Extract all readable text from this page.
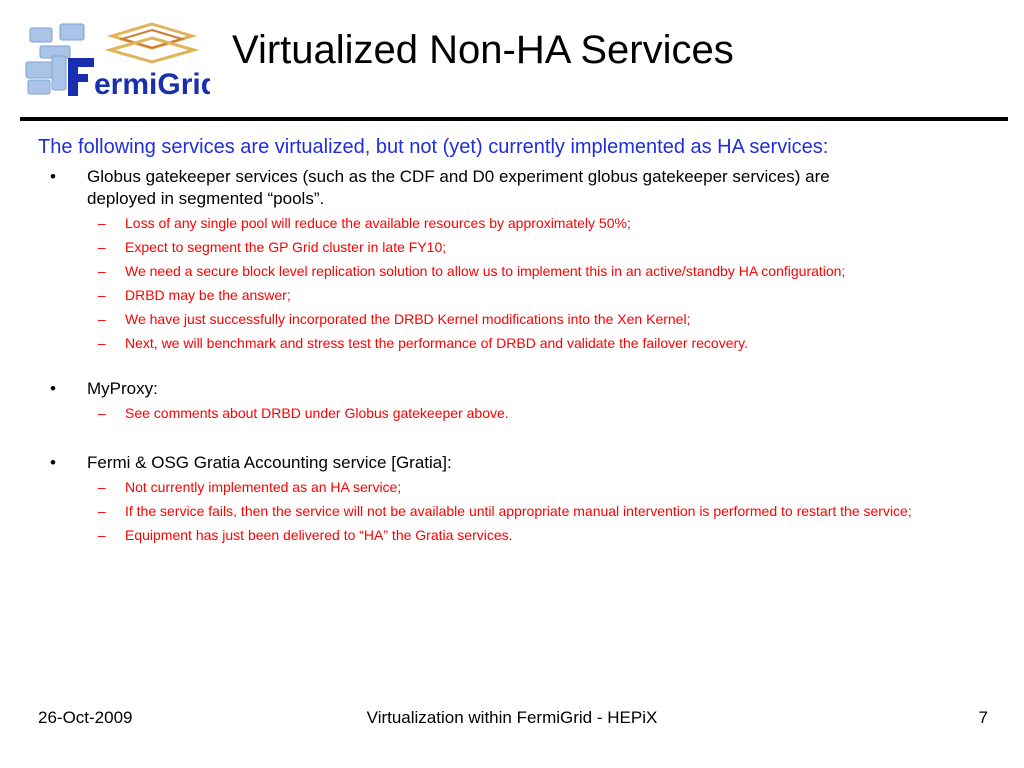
ermiGrid
Virtualized Non-HA Services

The following services are virtualized, but not (yet) currently implemented as HA services:

• Globus gatekeeper services (such as the CDF and D0 experiment globus gatekeeper services) are
deployed in segmented “pools”.
– Loss of any single pool will reduce the available resources by approximately 50%;
– Expect to segment the GP Grid cluster in late FY10;
– We need a secure block level replication solution to allow us to implement this in an active/standby HA configuration;
– DRBD may be the answer;
– We have just successfully incorporated the DRBD Kernel modifications into the Xen Kernel;
– Next, we will benchmark and stress test the performance of DRBD and validate the failover recovery.
• MyProxy:
– See comments about DRBD under Globus gatekeeper above.
• Fermi & OSG Gratia Accounting service [Gratia]:
– Not currently implemented as an HA service;
– If the service fails, then the service will not be available until appropriate manual intervention is performed to restart the service;
– Equipment has just been delivered to “HA” the Gratia services.
Virtualization within FermiGrid - HEPiX
26-Oct-2009	7
